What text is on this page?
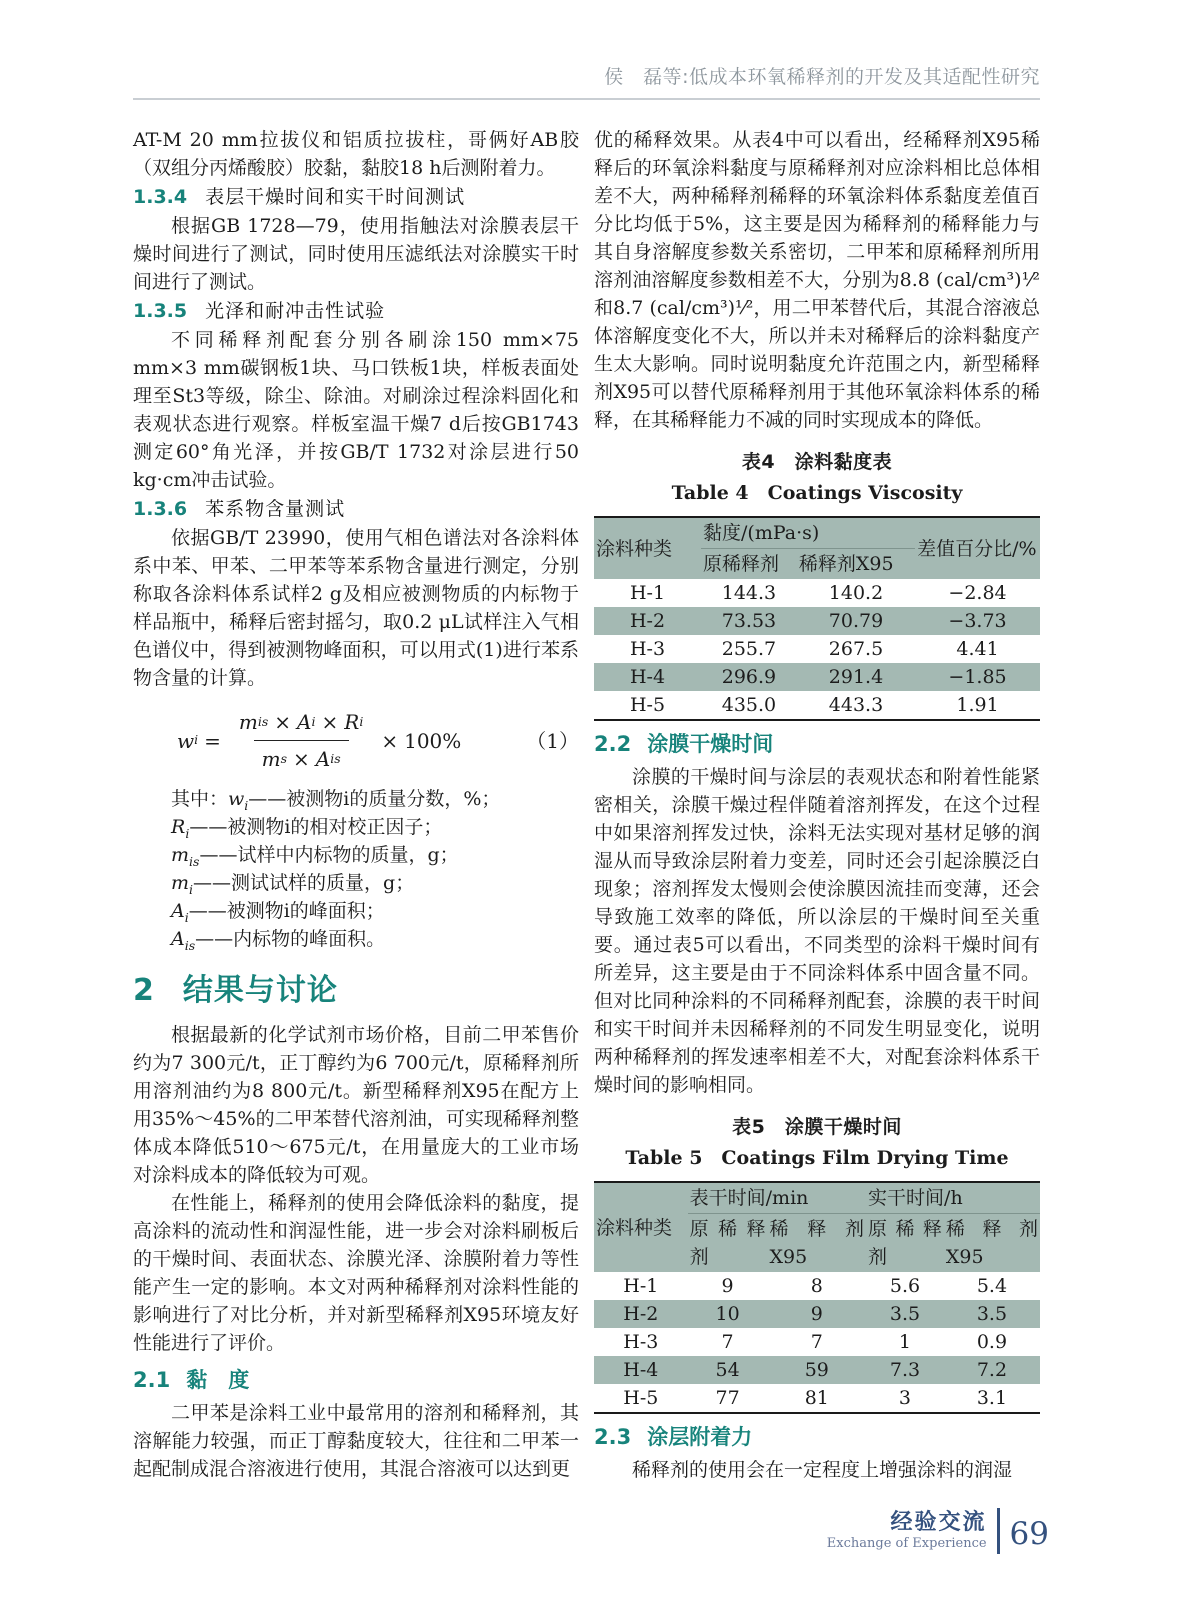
侯　磊等:低成本环氧稀释剂的开发及其适配性研究

AT-M 20 mm拉拔仪和铝质拉拔柱，哥俩好AB胶（双组分丙烯酸胶）胶黏，黏胶18 h后测附着力。

1.3.4 表层干燥时间和实干时间测试

根据GB 1728—79，使用指触法对涂膜表层干燥时间进行了测试，同时使用压滤纸法对涂膜实干时间进行了测试。

1.3.5 光泽和耐冲击性试验

不同稀释剂配套分别各刷涂150 mm×75 mm×3 mm碳钢板1块、马口铁板1块，样板表面处理至St3等级，除尘、除油。对刷涂过程涂料固化和表观状态进行观察。样板室温干燥7 d后按GB1743测定60°角光泽，并按GB/T 1732对涂层进行50 kg·cm冲击试验。

1.3.6 苯系物含量测试

依据GB/T 23990，使用气相色谱法对各涂料体系中苯、甲苯、二甲苯等苯系物含量进行测定，分别称取各涂料体系试样2 g及相应被测物质的内标物于样品瓶中，稀释后密封摇匀，取0.2 μL试样注入气相色谱仪中，得到被测物峰面积，可以用式(1)进行苯系物含量的计算。

w i =
m is × A i × R i
m s × A is
× 100%	（1）

其中：$w_i——$被测物i的质量分数，%；

$R_i——$被测物i的相对校正因子；

$m_{is}——$试样中内标物的质量，g；

$m_i——$测试试样的质量，g；

$A_i——$被测物i的峰面积；

$A_{is}——$内标物的峰面积。

2 结果与讨论

根据最新的化学试剂市场价格，目前二甲苯售价约为7 300元/t，正丁醇约为6 700元/t，原稀释剂所用溶剂油约为8 800元/t。新型稀释剂X95在配方上用35%～45%的二甲苯替代溶剂油，可实现稀释剂整体成本降低510～675元/t，在用量庞大的工业市场对涂料成本的降低较为可观。

在性能上，稀释剂的使用会降低涂料的黏度，提高涂料的流动性和润湿性能，进一步会对涂料刷板后的干燥时间、表面状态、涂膜光泽、涂膜附着力等性能产生一定的影响。本文对两种稀释剂对涂料性能的影响进行了对比分析，并对新型稀释剂X95环境友好性能进行了评价。

2.1 黏　度

二甲苯是涂料工业中最常用的溶剂和稀释剂，其溶解能力较强，而正丁醇黏度较大，往往和二甲苯一起配制成混合溶液进行使用，其混合溶液可以达到更

优的稀释效果。从表4中可以看出，经稀释剂X95稀释后的环氧涂料黏度与原稀释剂对应涂料相比总体相差不大，两种稀释剂稀释的环氧涂料体系黏度差值百分比均低于5%，这主要是因为稀释剂的稀释能力与其自身溶解度参数关系密切，二甲苯和原稀释剂所用溶剂油溶解度参数相差不大，分别为8.8 (cal/cm³)¹⁄²和8.7 (cal/cm³)¹⁄²，用二甲苯替代后，其混合溶液总体溶解度变化不大，所以并未对稀释后的涂料黏度产生太大影响。同时说明黏度允许范围之内，新型稀释剂X95可以替代原稀释剂用于其他环氧涂料体系的稀释，在其稀释能力不减的同时实现成本的降低。

表4　涂料黏度表
Table 4　Coatings Viscosity
涂料种类	黏度/(mPa·s)		差值百分比/%
	原稀释剂	稀释剂X95	
H-1	144.3	140.2	−2.84
H-2	73.53	70.79	−3.73
H-3	255.7	267.5	4.41
H-4	296.9	291.4	−1.85
H-5	435.0	443.3	1.91

2.2 涂膜干燥时间

涂膜的干燥时间与涂层的表观状态和附着性能紧密相关，涂膜干燥过程伴随着溶剂挥发，在这个过程中如果溶剂挥发过快，涂料无法实现对基材足够的润湿从而导致涂层附着力变差，同时还会引起涂膜泛白现象；溶剂挥发太慢则会使涂膜因流挂而变薄，还会导致施工效率的降低，所以涂层的干燥时间至关重要。通过表5可以看出，不同类型的涂料干燥时间有所差异，这主要是由于不同涂料体系中固含量不同。但对比同种涂料的不同稀释剂配套，涂膜的表干时间和实干时间并未因稀释剂的不同发生明显变化，说明两种稀释剂的挥发速率相差不大，对配套涂料体系干燥时间的影响相同。

表5　涂膜干燥时间
Table 5　Coatings Film Drying Time
涂料种类	表干时间/min		实干时间/h	
	原稀释剂	稀释剂X95	原稀释剂	稀释剂X95
H-1	9	8	5.6	5.4
H-2	10	9	3.5	3.5
H-3	7	7	1	0.9
H-4	54	59	7.3	7.2
H-5	77	81	3	3.1

2.3 涂层附着力

稀释剂的使用会在一定程度上增强涂料的润湿

经验交流
Exchange of Experience 69
